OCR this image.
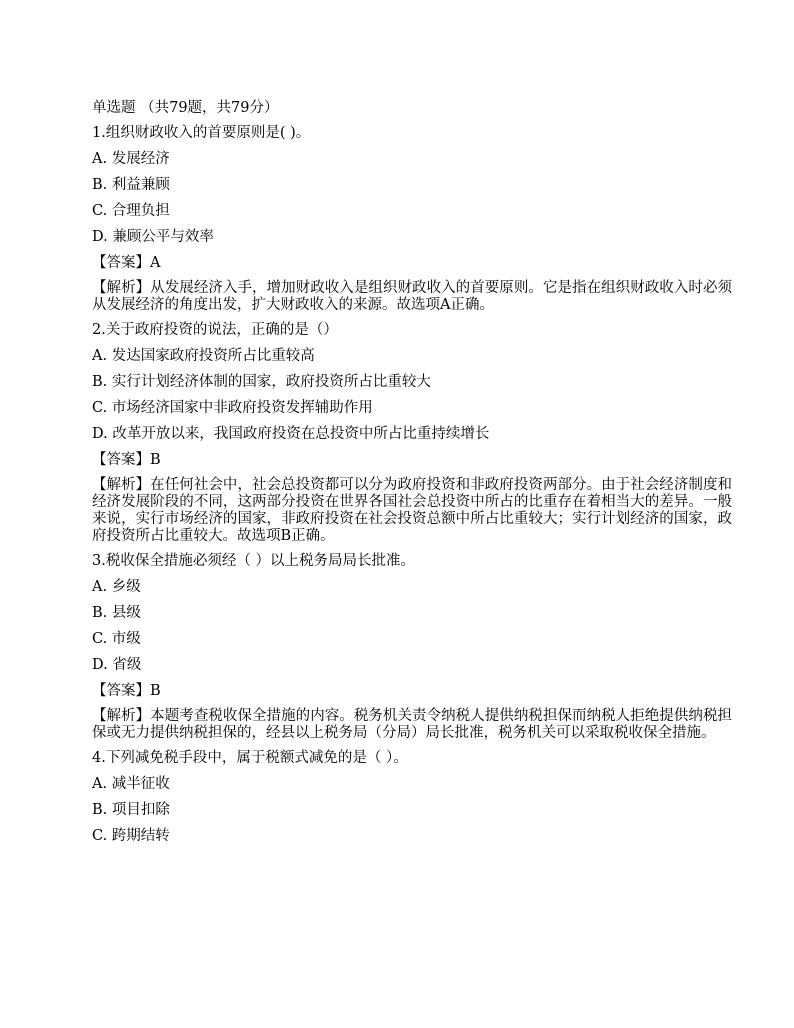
单选题 （共79题，共79分）

1.组织财政收入的首要原则是( )。

A. 发展经济

B. 利益兼顾

C. 合理负担

D. 兼顾公平与效率

【答案】A

【解析】从发展经济入手，增加财政收入是组织财政收入的首要原则。它是指在组织财政收入时必须从发展经济的角度出发，扩大财政收入的来源。故选项A正确。

2.关于政府投资的说法，正确的是（）

A. 发达国家政府投资所占比重较高

B. 实行计划经济体制的国家，政府投资所占比重较大

C. 市场经济国家中非政府投资发挥辅助作用

D. 改革开放以来，我国政府投资在总投资中所占比重持续增长

【答案】B

【解析】在任何社会中，社会总投资都可以分为政府投资和非政府投资两部分。由于社会经济制度和经济发展阶段的不同，这两部分投资在世界各国社会总投资中所占的比重存在着相当大的差异。一般来说，实行市场经济的国家，非政府投资在社会投资总额中所占比重较大；实行计划经济的国家，政府投资所占比重较大。故选项B正确。

3.税收保全措施必须经（ ）以上税务局局长批准。

A. 乡级

B. 县级

C. 市级

D. 省级

【答案】B

【解析】本题考查税收保全措施的内容。税务机关责令纳税人提供纳税担保而纳税人拒绝提供纳税担保或无力提供纳税担保的，经县以上税务局（分局）局长批准，税务机关可以采取税收保全措施。

4.下列减免税手段中，属于税额式减免的是（ ）。

A. 减半征收

B. 项目扣除

C. 跨期结转
